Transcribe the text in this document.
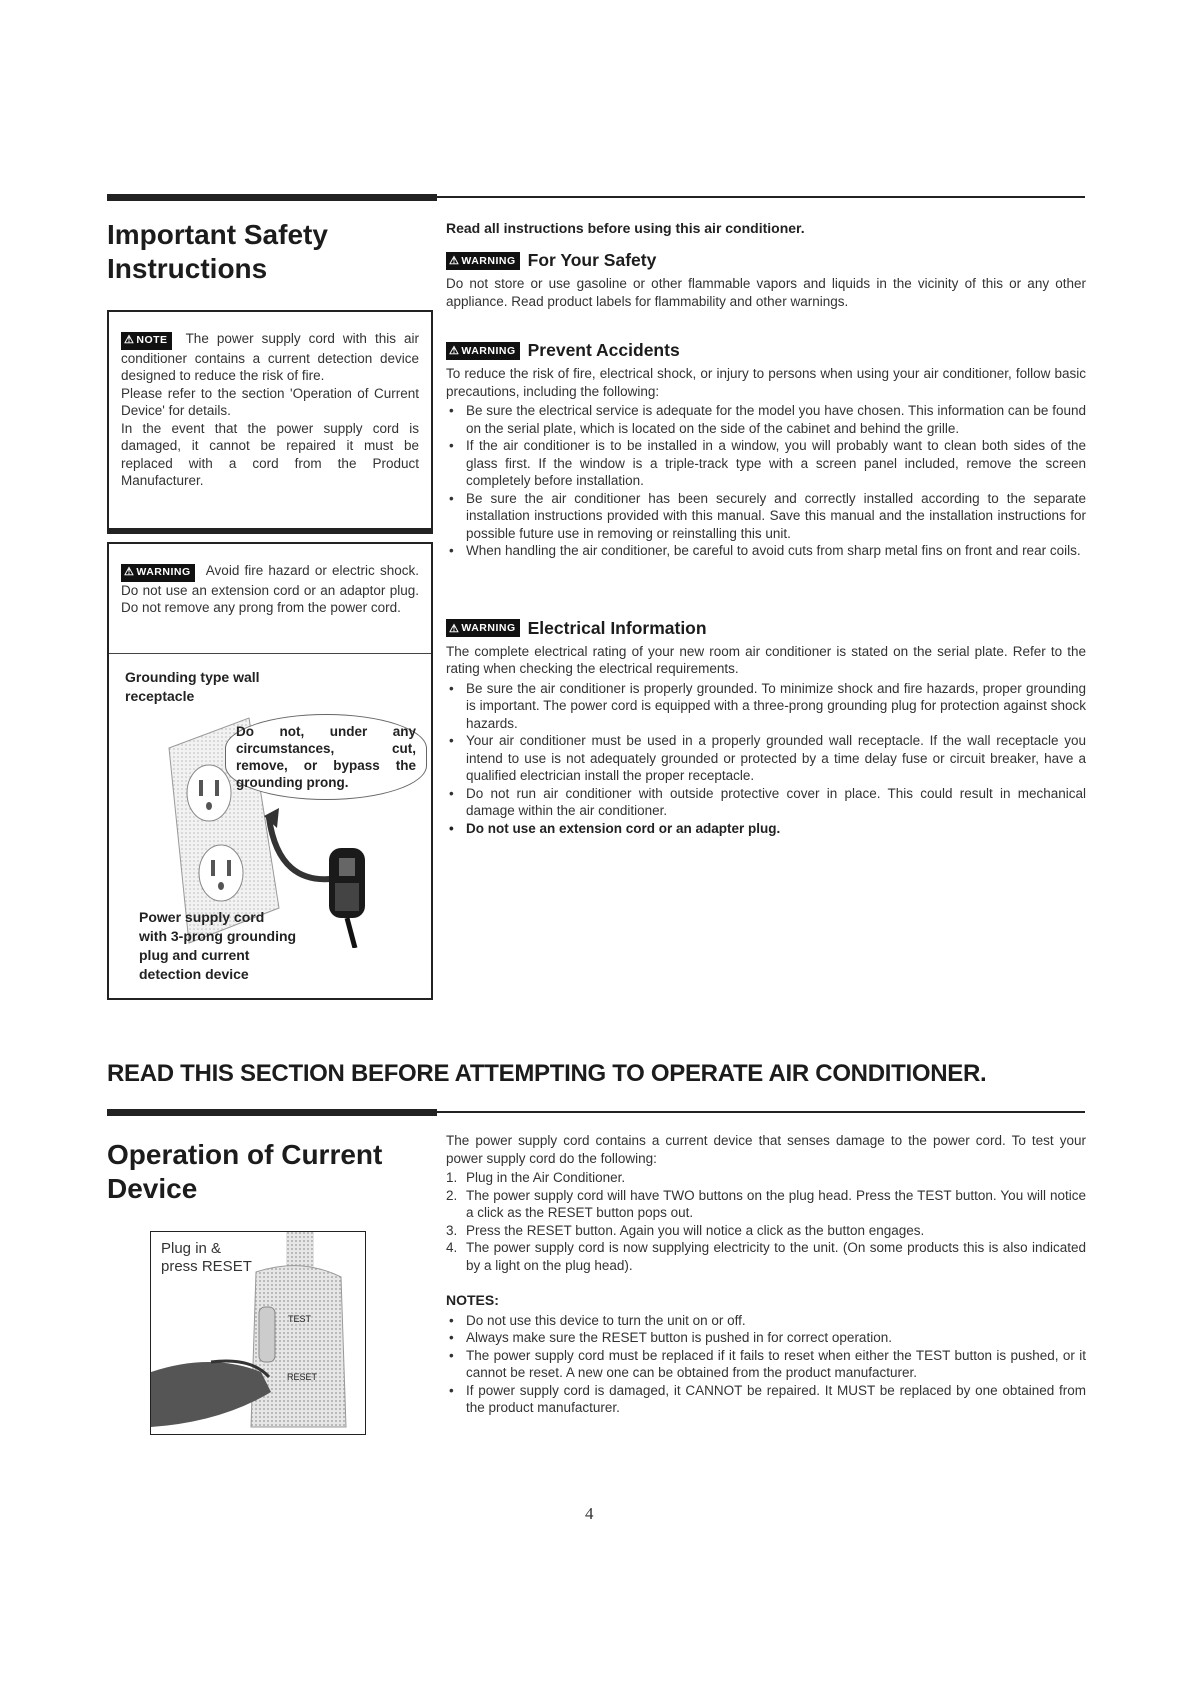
Important Safety
Instructions
⚠ NOTE The power supply cord with this air conditioner contains a current detection device designed to reduce the risk of fire.
Please refer to the section 'Operation of Current Device' for details.
In the event that the power supply cord is damaged, it cannot be repaired it must be replaced with a cord from the Product Manufacturer.
⚠ WARNING Avoid fire hazard or electric shock. Do not use an extension cord or an adaptor plug. Do not remove any prong from the power cord.
Grounding type wall receptacle
Do not, under any circumstances, cut, remove, or bypass the grounding prong.
Power supply cord
with 3-prong grounding
plug and current
detection device
Read all instructions before using this air conditioner.
⚠ WARNING For Your Safety
Do not store or use gasoline or other flammable vapors and liquids in the vicinity of this or any other appliance. Read product labels for flammability and other warnings.
⚠ WARNING Prevent Accidents
To reduce the risk of fire, electrical shock, or injury to persons when using your air conditioner, follow basic precautions, including the following:
• Be sure the electrical service is adequate for the model you have chosen. This information can be found on the serial plate, which is located on the side of the cabinet and behind the grille.
• If the air conditioner is to be installed in a window, you will probably want to clean both sides of the glass first. If the window is a triple-track type with a screen panel included, remove the screen completely before installation.
• Be sure the air conditioner has been securely and correctly installed according to the separate installation instructions provided with this manual. Save this manual and the installation instructions for possible future use in removing or reinstalling this unit.
• When handling the air conditioner, be careful to avoid cuts from sharp metal fins on front and rear coils.
⚠ WARNING Electrical Information
The complete electrical rating of your new room air conditioner is stated on the serial plate. Refer to the rating when checking the electrical requirements.
• Be sure the air conditioner is properly grounded. To minimize shock and fire hazards, proper grounding is important. The power cord is equipped with a three-prong grounding plug for protection against shock hazards.
• Your air conditioner must be used in a properly grounded wall receptacle. If the wall receptacle you intend to use is not adequately grounded or protected by a time delay fuse or circuit breaker, have a qualified electrician install the proper receptacle.
• Do not run air conditioner with outside protective cover in place. This could result in mechanical damage within the air conditioner.
• Do not use an extension cord or an adapter plug.
READ THIS SECTION BEFORE ATTEMPTING TO OPERATE AIR CONDITIONER.
Operation of Current
Device
Plug in &
press RESET
TEST
RESET
The power supply cord contains a current device that senses damage to the power cord. To test your power supply cord do the following:
1. Plug in the Air Conditioner.
2. The power supply cord will have TWO buttons on the plug head. Press the TEST button. You will notice a click as the RESET button pops out.
3. Press the RESET button. Again you will notice a click as the button engages.
4. The power supply cord is now supplying electricity to the unit. (On some products this is also indicated by a light on the plug head).
NOTES:
• Do not use this device to turn the unit on or off.
• Always make sure the RESET button is pushed in for correct operation.
• The power supply cord must be replaced if it fails to reset when either the TEST button is pushed, or it cannot be reset. A new one can be obtained from the product manufacturer.
• If power supply cord is damaged, it CANNOT be repaired. It MUST be replaced by one obtained from the product manufacturer.
4
